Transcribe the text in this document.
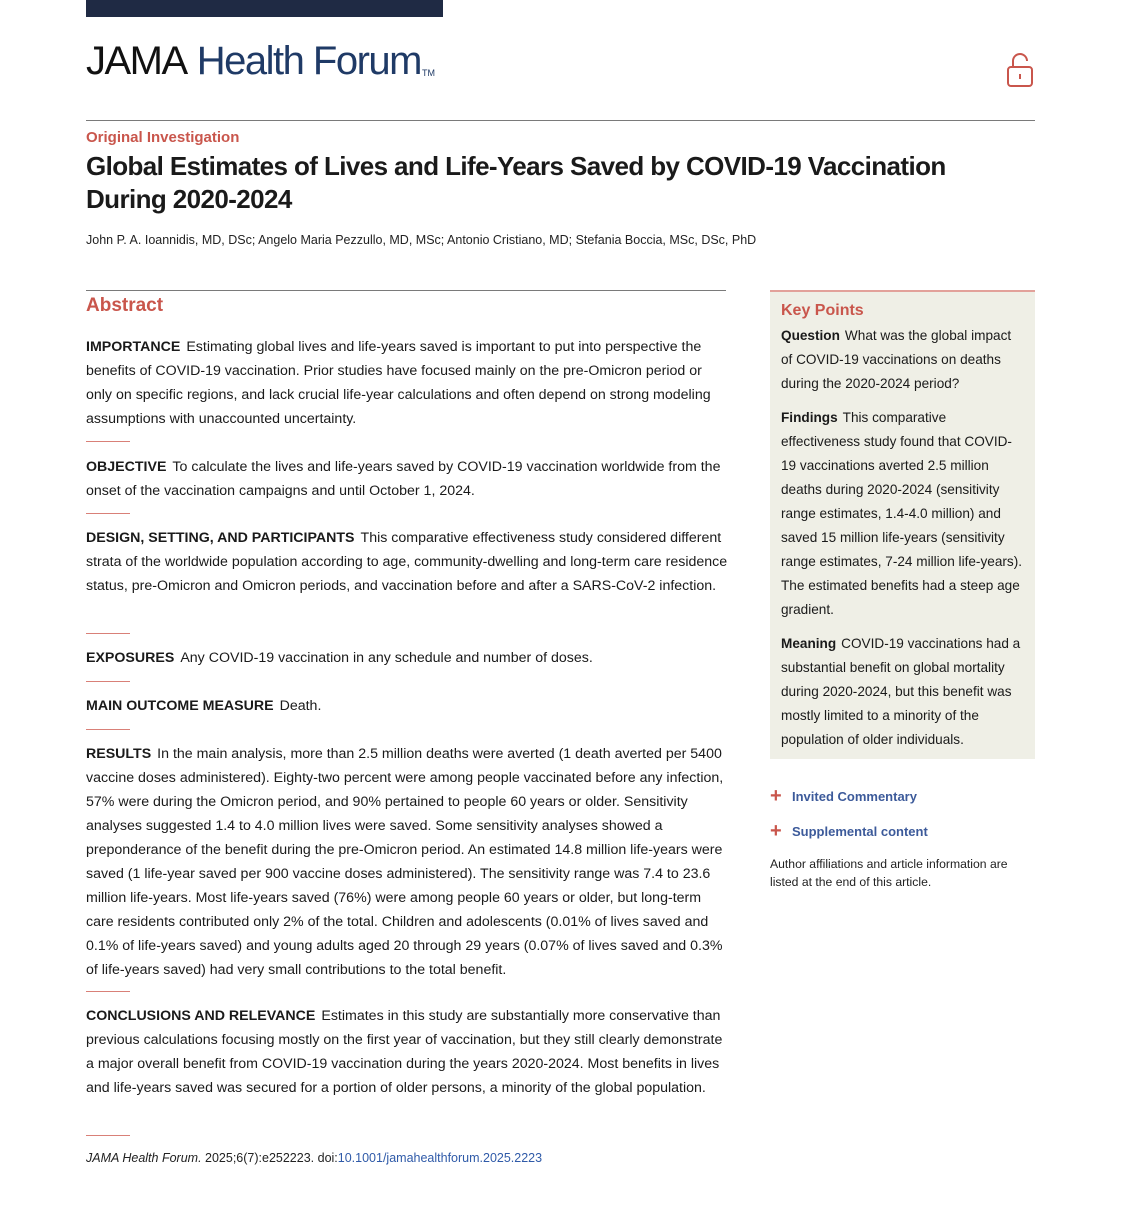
JAMA Health ForumTM
Original Investigation
Global Estimates of Lives and Life-Years Saved by COVID-19 Vaccination During 2020-2024
John P. A. Ioannidis, MD, DSc; Angelo Maria Pezzullo, MD, MSc; Antonio Cristiano, MD; Stefania Boccia, MSc, DSc, PhD
Abstract

IMPORTANCE Estimating global lives and life-years saved is important to put into perspective the benefits of COVID-19 vaccination. Prior studies have focused mainly on the pre-Omicron period or only on specific regions, and lack crucial life-year calculations and often depend on strong modeling assumptions with unaccounted uncertainty.

OBJECTIVE To calculate the lives and life-years saved by COVID-19 vaccination worldwide from the onset of the vaccination campaigns and until October 1, 2024.

DESIGN, SETTING, AND PARTICIPANTS This comparative effectiveness study considered different strata of the worldwide population according to age, community-dwelling and long-term care residence status, pre-Omicron and Omicron periods, and vaccination before and after a SARS-CoV-2 infection.

EXPOSURES Any COVID-19 vaccination in any schedule and number of doses.

MAIN OUTCOME MEASURE Death.

RESULTS In the main analysis, more than 2.5 million deaths were averted (1 death averted per 5400 vaccine doses administered). Eighty-two percent were among people vaccinated before any infection, 57% were during the Omicron period, and 90% pertained to people 60 years or older. Sensitivity analyses suggested 1.4 to 4.0 million lives were saved. Some sensitivity analyses showed a preponderance of the benefit during the pre-Omicron period. An estimated 14.8 million life-years were saved (1 life-year saved per 900 vaccine doses administered). The sensitivity range was 7.4 to 23.6 million life-years. Most life-years saved (76%) were among people 60 years or older, but long-term care residents contributed only 2% of the total. Children and adolescents (0.01% of lives saved and 0.1% of life-years saved) and young adults aged 20 through 29 years (0.07% of lives saved and 0.3% of life-years saved) had very small contributions to the total benefit.

CONCLUSIONS AND RELEVANCE Estimates in this study are substantially more conservative than previous calculations focusing mostly on the first year of vaccination, but they still clearly demonstrate a major overall benefit from COVID-19 vaccination during the years 2020-2024. Most benefits in lives and life-years saved was secured for a portion of older persons, a minority of the global population.

JAMA Health Forum. 2025;6(7):e252223. doi:10.1001/jamahealthforum.2025.2223
Key Points

Question What was the global impact of COVID-19 vaccinations on deaths during the 2020-2024 period?

Findings This comparative effectiveness study found that COVID-19 vaccinations averted 2.5 million deaths during 2020-2024 (sensitivity range estimates, 1.4-4.0 million) and saved 15 million life-years (sensitivity range estimates, 7-24 million life-years). The estimated benefits had a steep age gradient.

Meaning COVID-19 vaccinations had a substantial benefit on global mortality during 2020-2024, but this benefit was mostly limited to a minority of the population of older individuals.

+ Invited Commentary
+ Supplemental content
Author affiliations and article information are listed at the end of this article.
